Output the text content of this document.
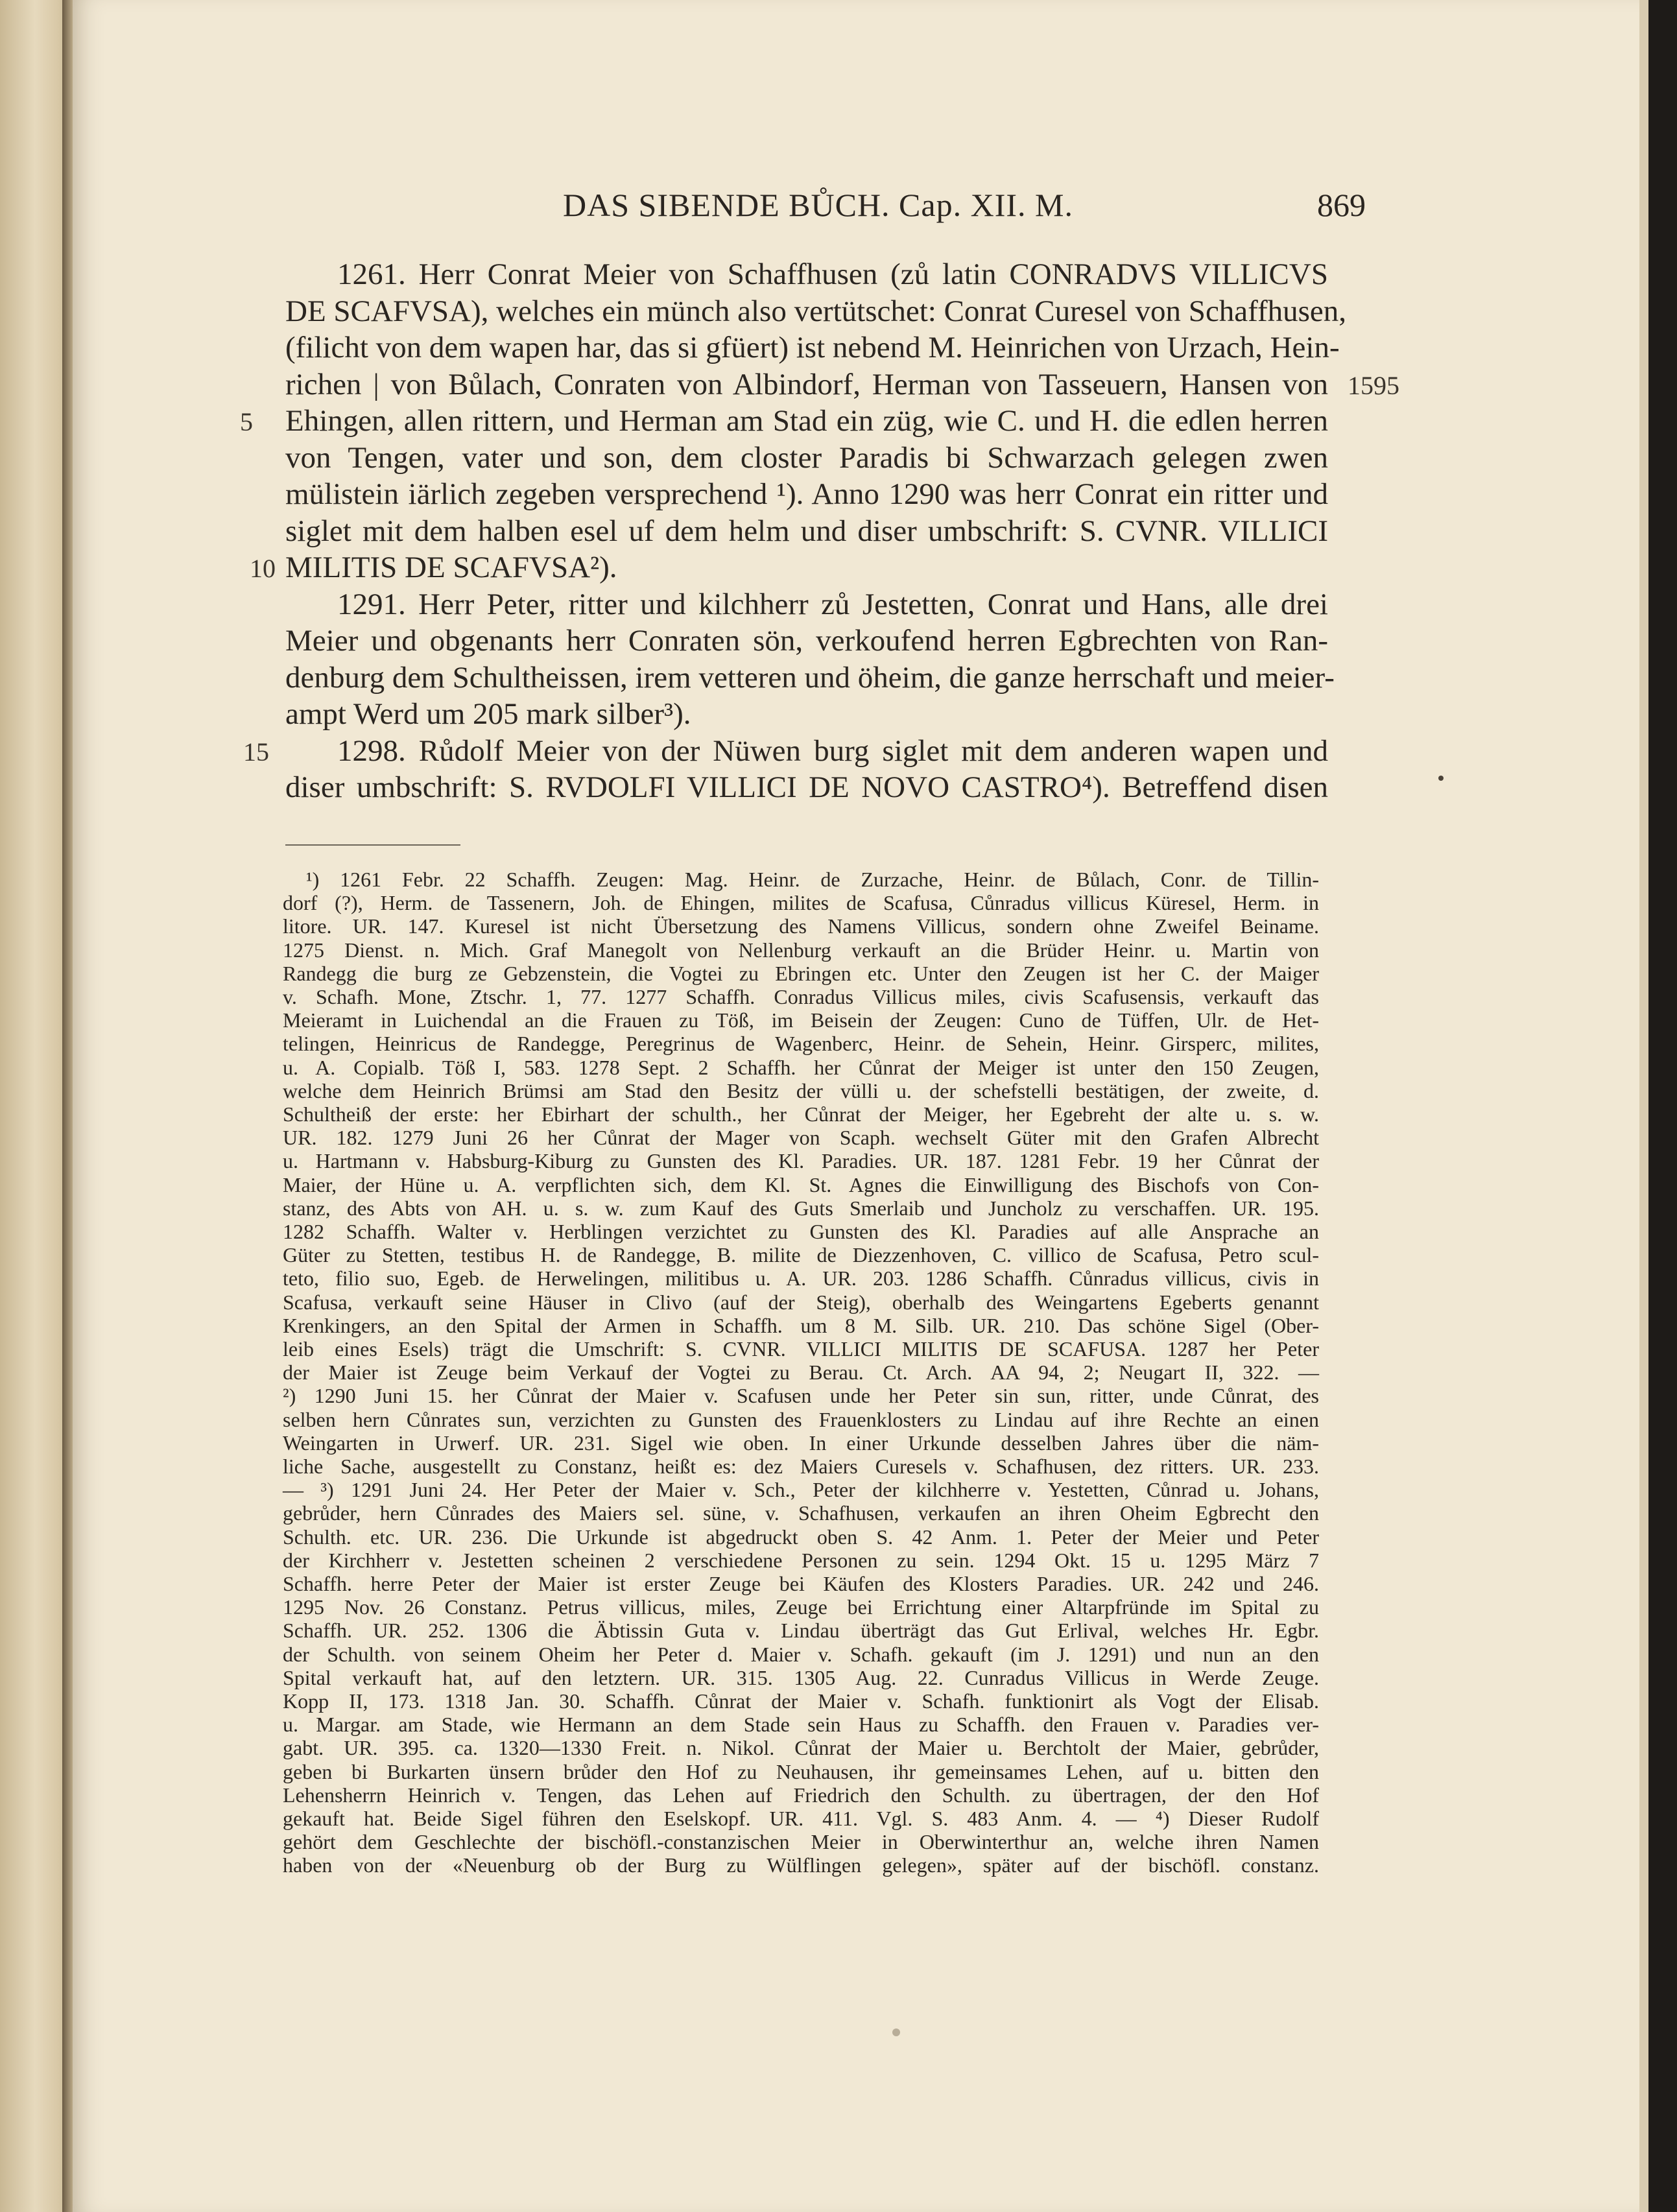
DAS SIBENDE BŮCH. Cap. XII. M.	869
1595
5
10
15
1261. Herr Conrat Meier von Schaffhusen (zů latin CONRADVS VILLICVS
DE SCAFVSA), welches ein münch also vertütschet: Conrat Curesel von Schaffhusen,
(filicht von dem wapen har, das si gfüert) ist nebend M. Heinrichen von Urzach, Hein-
richen | von Bůlach, Conraten von Albindorf, Herman von Tasseuern, Hansen von
Ehingen, allen rittern, und Herman am Stad ein züg, wie C. und H. die edlen herren
von Tengen, vater und son, dem closter Paradis bi Schwarzach gelegen zwen
mülistein iärlich zegeben versprechend ¹). Anno 1290 was herr Conrat ein ritter und
siglet mit dem halben esel uf dem helm und diser umbschrift: S. CVNR. VILLICI
MILITIS DE SCAFVSA²).
1291. Herr Peter, ritter und kilchherr zů Jestetten, Conrat und Hans, alle drei
Meier und obgenants herr Conraten sön, verkoufend herren Egbrechten von Ran-
denburg dem Schultheissen, irem vetteren und öheim, die ganze herrschaft und meier-
ampt Werd um 205 mark silber³).
1298. Růdolf Meier von der Nüwen burg siglet mit dem anderen wapen und
diser umbschrift: S. RVDOLFI VILLICI DE NOVO CASTRO⁴). Betreffend disen
¹) 1261 Febr. 22 Schaffh. Zeugen: Mag. Heinr. de Zurzache, Heinr. de Bůlach, Conr. de Tillin-
dorf (?), Herm. de Tassenern, Joh. de Ehingen, milites de Scafusa, Cůnradus villicus Küresel, Herm. in
litore. UR. 147. Kuresel ist nicht Übersetzung des Namens Villicus, sondern ohne Zweifel Beiname.
1275 Dienst. n. Mich. Graf Manegolt von Nellenburg verkauft an die Brüder Heinr. u. Martin von
Randegg die burg ze Gebzenstein, die Vogtei zu Ebringen etc. Unter den Zeugen ist her C. der Maiger
v. Schafh. Mone, Ztschr. 1, 77. 1277 Schaffh. Conradus Villicus miles, civis Scafusensis, verkauft das
Meieramt in Luichendal an die Frauen zu Töß, im Beisein der Zeugen: Cuno de Tüffen, Ulr. de Het-
telingen, Heinricus de Randegge, Peregrinus de Wagenberc, Heinr. de Sehein, Heinr. Girsperc, milites,
u. A. Copialb. Töß I, 583. 1278 Sept. 2 Schaffh. her Cůnrat der Meiger ist unter den 150 Zeugen,
welche dem Heinrich Brümsi am Stad den Besitz der vülli u. der schefstelli bestätigen, der zweite, d.
Schultheiß der erste: her Ebirhart der schulth., her Cůnrat der Meiger, her Egebreht der alte u. s. w.
UR. 182. 1279 Juni 26 her Cůnrat der Mager von Scaph. wechselt Güter mit den Grafen Albrecht
u. Hartmann v. Habsburg-Kiburg zu Gunsten des Kl. Paradies. UR. 187. 1281 Febr. 19 her Cůnrat der
Maier, der Hüne u. A. verpflichten sich, dem Kl. St. Agnes die Einwilligung des Bischofs von Con-
stanz, des Abts von AH. u. s. w. zum Kauf des Guts Smerlaib und Juncholz zu verschaffen. UR. 195.
1282 Schaffh. Walter v. Herblingen verzichtet zu Gunsten des Kl. Paradies auf alle Ansprache an
Güter zu Stetten, testibus H. de Randegge, B. milite de Diezzenhoven, C. villico de Scafusa, Petro scul-
teto, filio suo, Egeb. de Herwelingen, militibus u. A. UR. 203. 1286 Schaffh. Cůnradus villicus, civis in
Scafusa, verkauft seine Häuser in Clivo (auf der Steig), oberhalb des Weingartens Egeberts genannt
Krenkingers, an den Spital der Armen in Schaffh. um 8 M. Silb. UR. 210. Das schöne Sigel (Ober-
leib eines Esels) trägt die Umschrift: S. CVNR. VILLICI MILITIS DE SCAFUSA. 1287 her Peter
der Maier ist Zeuge beim Verkauf der Vogtei zu Berau. Ct. Arch. AA 94, 2; Neugart II, 322. —
²) 1290 Juni 15. her Cůnrat der Maier v. Scafusen unde her Peter sin sun, ritter, unde Cůnrat, des
selben hern Cůnrates sun, verzichten zu Gunsten des Frauenklosters zu Lindau auf ihre Rechte an einen
Weingarten in Urwerf. UR. 231. Sigel wie oben. In einer Urkunde desselben Jahres über die näm-
liche Sache, ausgestellt zu Constanz, heißt es: dez Maiers Curesels v. Schafhusen, dez ritters. UR. 233.
— ³) 1291 Juni 24. Her Peter der Maier v. Sch., Peter der kilchherre v. Yestetten, Cůnrad u. Johans,
gebrůder, hern Cůnrades des Maiers sel. süne, v. Schafhusen, verkaufen an ihren Oheim Egbrecht den
Schulth. etc. UR. 236. Die Urkunde ist abgedruckt oben S. 42 Anm. 1. Peter der Meier und Peter
der Kirchherr v. Jestetten scheinen 2 verschiedene Personen zu sein. 1294 Okt. 15 u. 1295 März 7
Schaffh. herre Peter der Maier ist erster Zeuge bei Käufen des Klosters Paradies. UR. 242 und 246.
1295 Nov. 26 Constanz. Petrus villicus, miles, Zeuge bei Errichtung einer Altarpfründe im Spital zu
Schaffh. UR. 252. 1306 die Äbtissin Guta v. Lindau überträgt das Gut Erlival, welches Hr. Egbr.
der Schulth. von seinem Oheim her Peter d. Maier v. Schafh. gekauft (im J. 1291) und nun an den
Spital verkauft hat, auf den letztern. UR. 315. 1305 Aug. 22. Cunradus Villicus in Werde Zeuge.
Kopp II, 173. 1318 Jan. 30. Schaffh. Cůnrat der Maier v. Schafh. funktionirt als Vogt der Elisab.
u. Margar. am Stade, wie Hermann an dem Stade sein Haus zu Schaffh. den Frauen v. Paradies ver-
gabt. UR. 395. ca. 1320—1330 Freit. n. Nikol. Cůnrat der Maier u. Berchtolt der Maier, gebrůder,
geben bi Burkarten ünsern brůder den Hof zu Neuhausen, ihr gemeinsames Lehen, auf u. bitten den
Lehensherrn Heinrich v. Tengen, das Lehen auf Friedrich den Schulth. zu übertragen, der den Hof
gekauft hat. Beide Sigel führen den Eselskopf. UR. 411. Vgl. S. 483 Anm. 4. — ⁴) Dieser Rudolf
gehört dem Geschlechte der bischöfl.-constanzischen Meier in Oberwinterthur an, welche ihren Namen
haben von der «Neuenburg ob der Burg zu Wülflingen gelegen», später auf der bischöfl. constanz.
